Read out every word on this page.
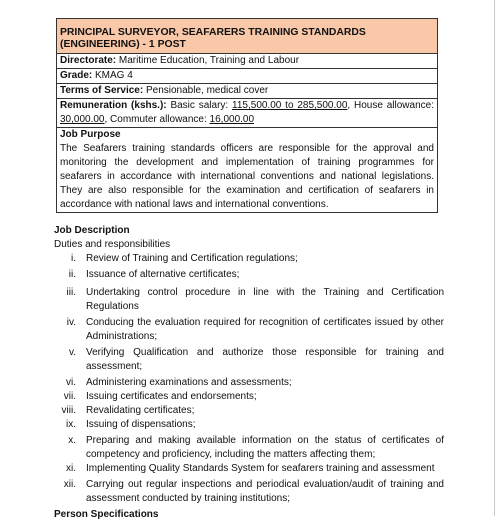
PRINCIPAL SURVEYOR, SEAFARERS TRAINING STANDARDS (ENGINEERING) - 1 POST
Directorate: Maritime Education, Training and Labour
Grade: KMAG 4
Terms of Service: Pensionable, medical cover
Remuneration (kshs.): Basic salary: 115,500.00 to 285,500.00, House allowance: 30,000.00, Commuter allowance: 16,000.00
Job Purpose
The Seafarers training standards officers are responsible for the approval and monitoring the development and implementation of training programmes for seafarers in accordance with international conventions and national legislations. They are also responsible for the examination and certification of seafarers in accordance with national laws and international conventions.
Job Description
Duties and responsibilities
i. Review of Training and Certification regulations;
ii. Issuance of alternative certificates;
iii. Undertaking control procedure in line with the Training and Certification Regulations
iv. Conducing the evaluation required for recognition of certificates issued by other Administrations;
v. Verifying Qualification and authorize those responsible for training and assessment;
vi. Administering examinations and assessments;
vii. Issuing certificates and endorsements;
viii. Revalidating certificates;
ix. Issuing of dispensations;
x. Preparing and making available information on the status of certificates of competency and proficiency, including the matters affecting them;
xi. Implementing Quality Standards System for seafarers training and assessment
xii. Carrying out regular inspections and periodical evaluation/audit of training and assessment conducted by training institutions;
Person Specifications
